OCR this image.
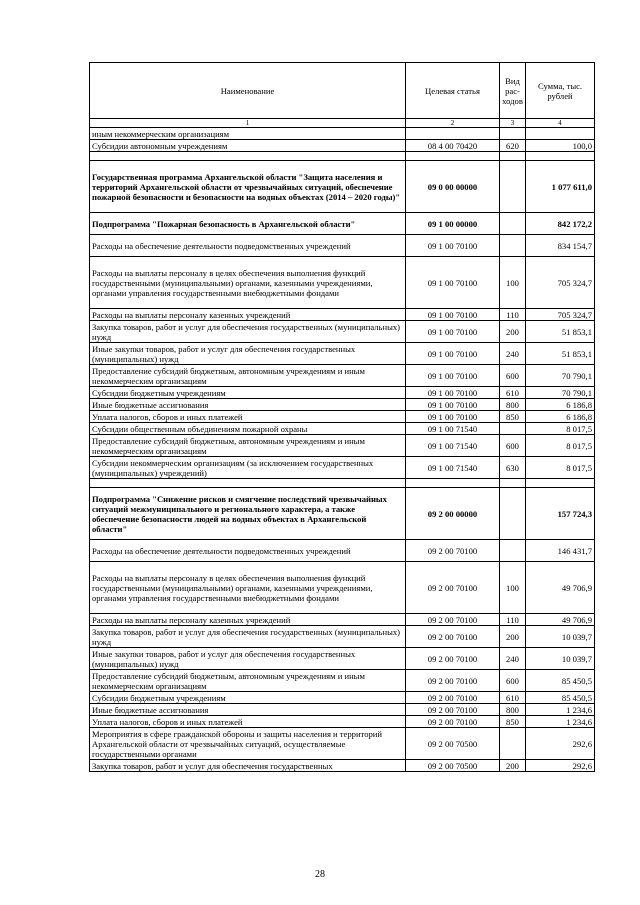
Наименование	Целевая статья	Вид рас-ходов	Сумма, тыс. рублей
1	2	3	4
иным некоммерческим организациям			
Субсидии автономным учреждениям	08 4 00 70420	620	100,0

Государственная программа Архангельской области "Защита населения и территорий Архангельской области от чрезвычайных ситуаций, обеспечение пожарной безопасности и безопасности на водных объектах (2014 – 2020 годы)"	09 0 00 00000		1 077 611,0
Подпрограмма "Пожарная безопасность в Архангельской области"	09 1 00 00000		842 172,2
Расходы на обеспечение деятельности подведомственных учреждений	09 1 00 70100		834 154,7
Расходы на выплаты персоналу в целях обеспечения выполнения функций государственными (муниципальными) органами, казенными учреждениями, органами управления государственными внебюджетными фондами	09 1 00 70100	100	705 324,7
Расходы на выплаты персоналу казенных учреждений	09 1 00 70100	110	705 324,7
Закупка товаров, работ и услуг для обеспечения государственных (муниципальных) нужд	09 1 00 70100	200	51 853,1
Иные закупки товаров, работ и услуг для обеспечения государственных (муниципальных) нужд	09 1 00 70100	240	51 853,1
Предоставление субсидий бюджетным, автономным учреждениям и иным некоммерческим организациям	09 1 00 70100	600	70 790,1
Субсидии бюджетным учреждениям	09 1 00 70100	610	70 790,1
Иные бюджетные ассигнования	09 1 00 70100	800	6 186,8
Уплата налогов, сборов и иных платежей	09 1 00 70100	850	6 186,8
Субсидии общественным объединениям пожарной охраны	09 1 00 71540		8 017,5
Предоставление субсидий бюджетным, автономным учреждениям и иным некоммерческим организациям	09 1 00 71540	600	8 017,5
Субсидии некоммерческим организациям (за исключением государственных (муниципальных) учреждений)	09 1 00 71540	630	8 017,5

Подпрограмма "Снижение рисков и смягчение последствий чрезвычайных ситуаций межмуниципального и регионального характера, а также обеспечение безопасности людей на водных объектах в Архангельской области"	09 2 00 00000		157 724,3
Расходы на обеспечение деятельности подведомственных учреждений	09 2 00 70100		146 431,7
Расходы на выплаты персоналу в целях обеспечения выполнения функций государственными (муниципальными) органами, казенными учреждениями, органами управления государственными внебюджетными фондами	09 2 00 70100	100	49 706,9
Расходы на выплаты персоналу казенных учреждений	09 2 00 70100	110	49 706,9
Закупка товаров, работ и услуг для обеспечения государственных (муниципальных) нужд	09 2 00 70100	200	10 039,7
Иные закупки товаров, работ и услуг для обеспечения государственных (муниципальных) нужд	09 2 00 70100	240	10 039,7
Предоставление субсидий бюджетным, автономным учреждениям и иным некоммерческим организациям	09 2 00 70100	600	85 450,5
Субсидии бюджетным учреждениям	09 2 00 70100	610	85 450,5
Иные бюджетные ассигнования	09 2 00 70100	800	1 234,6
Уплата налогов, сборов и иных платежей	09 2 00 70100	850	1 234,6
Мероприятия в сфере гражданской обороны и защиты населения и территорий Архангельской области от чрезвычайных ситуаций, осуществляемые государственными органами	09 2 00 70500		292,6
Закупка товаров, работ и услуг для обеспечения государственных	09 2 00 70500	200	292,6
28
